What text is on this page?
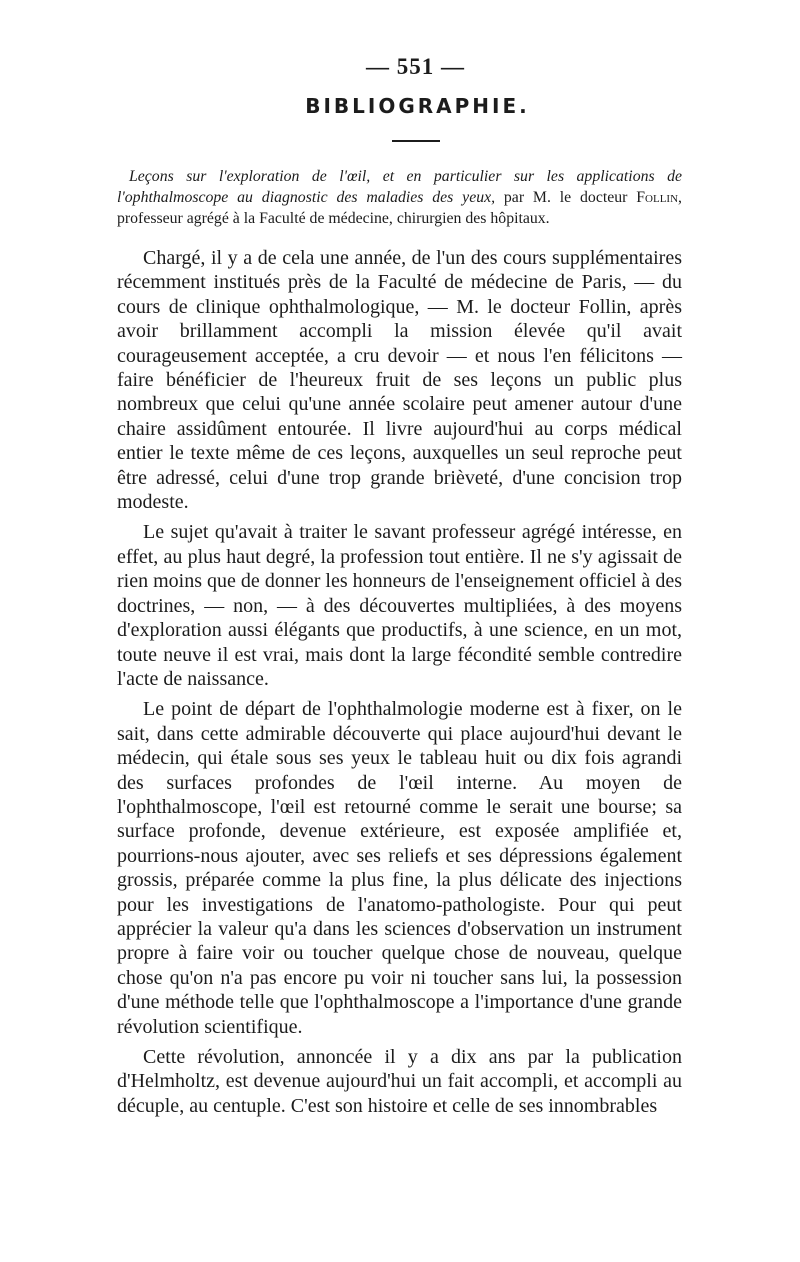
— 551 —
BIBLIOGRAPHIE.

Leçons sur l'exploration de l'œil, et en particulier sur les applications de l'ophthalmoscope au diagnostic des maladies des yeux, par M. le docteur Follin, professeur agrégé à la Faculté de médecine, chirurgien des hôpitaux.

Chargé, il y a de cela une année, de l'un des cours supplémentaires récemment institués près de la Faculté de médecine de Paris, — du cours de clinique ophthalmologique, — M. le docteur Follin, après avoir brillamment accompli la mission élevée qu'il avait courageusement acceptée, a cru devoir — et nous l'en félicitons — faire bénéficier de l'heureux fruit de ses leçons un public plus nombreux que celui qu'une année scolaire peut amener autour d'une chaire assidûment entourée. Il livre aujourd'hui au corps médical entier le texte même de ces leçons, auxquelles un seul reproche peut être adressé, celui d'une trop grande brièveté, d'une concision trop modeste.

Le sujet qu'avait à traiter le savant professeur agrégé intéresse, en effet, au plus haut degré, la profession tout entière. Il ne s'y agissait de rien moins que de donner les honneurs de l'enseignement officiel à des doctrines, — non, — à des découvertes multipliées, à des moyens d'exploration aussi élégants que productifs, à une science, en un mot, toute neuve il est vrai, mais dont la large fécondité semble contredire l'acte de naissance.

Le point de départ de l'ophthalmologie moderne est à fixer, on le sait, dans cette admirable découverte qui place aujourd'hui devant le médecin, qui étale sous ses yeux le tableau huit ou dix fois agrandi des surfaces profondes de l'œil interne. Au moyen de l'ophthalmoscope, l'œil est retourné comme le serait une bourse; sa surface profonde, devenue extérieure, est exposée amplifiée et, pourrions-nous ajouter, avec ses reliefs et ses dépressions également grossis, préparée comme la plus fine, la plus délicate des injections pour les investigations de l'anatomo-pathologiste. Pour qui peut apprécier la valeur qu'a dans les sciences d'observation un instrument propre à faire voir ou toucher quelque chose de nouveau, quelque chose qu'on n'a pas encore pu voir ni toucher sans lui, la possession d'une méthode telle que l'ophthalmoscope a l'importance d'une grande révolution scientifique.

Cette révolution, annoncée il y a dix ans par la publication d'Helmholtz, est devenue aujourd'hui un fait accompli, et accompli au décuple, au centuple. C'est son histoire et celle de ses innombrables
